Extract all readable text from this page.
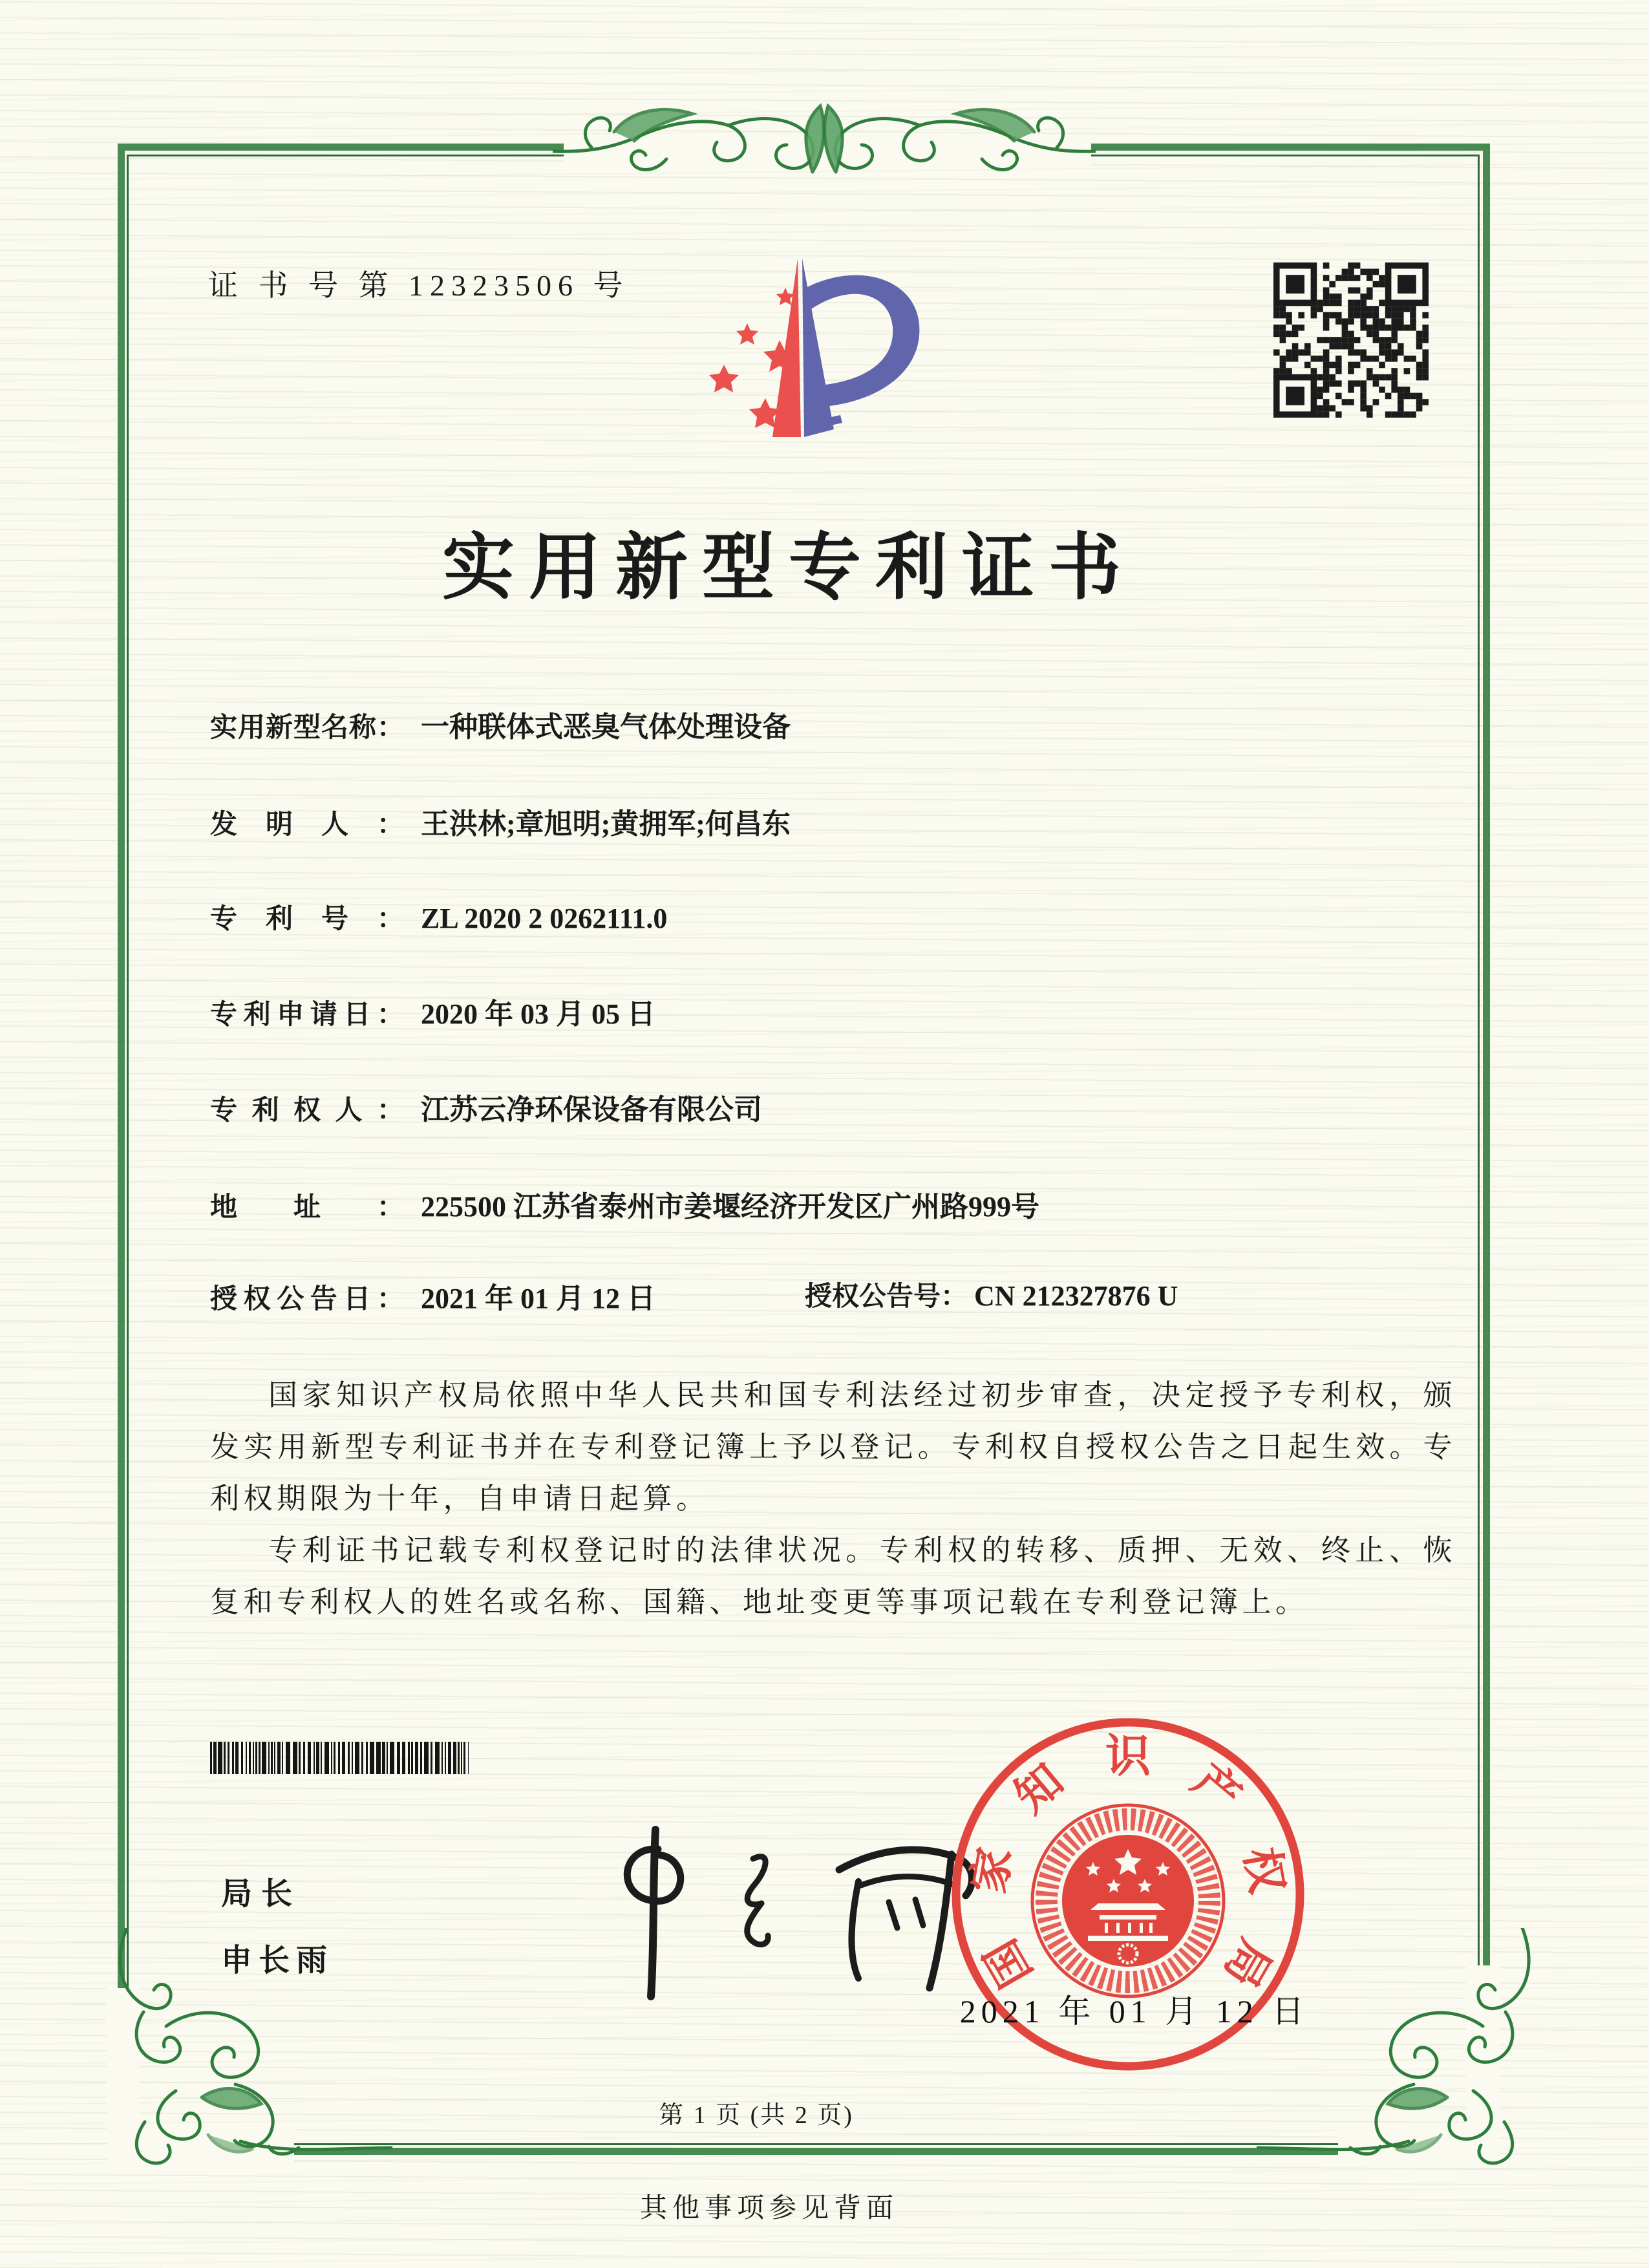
证 书 号 第 12323506 号
实用新型专利证书
实用新型名称： 一种联体式恶臭气体处理设备
发明人： 王洪林;章旭明;黄拥军;何昌东
专利号： ZL 2020 2 0262111.0
专利申请日： 2020 年 03 月 05 日
专利权人： 江苏云净环保设备有限公司
地址： 225500 江苏省泰州市姜堰经济开发区广州路999号
授权公告日： 2021 年 01 月 12 日	授权公告号： CN 212327876 U

国家知识产权局依照中华人民共和国专利法经过初步审查，决定授予专利权，颁发实用新型专利证书并在专利登记簿上予以登记。专利权自授权公告之日起生效。专利权期限为十年，自申请日起算。

专利证书记载专利权登记时的法律状况。专利权的转移、质押、无效、终止、恢复和专利权人的姓名或名称、国籍、地址变更等事项记载在专利登记簿上。

局长
申长雨	国
家
知 识 产
权
局
2021 年 01 月 12 日
第 1 页 (共 2 页)
其他事项参见背面
